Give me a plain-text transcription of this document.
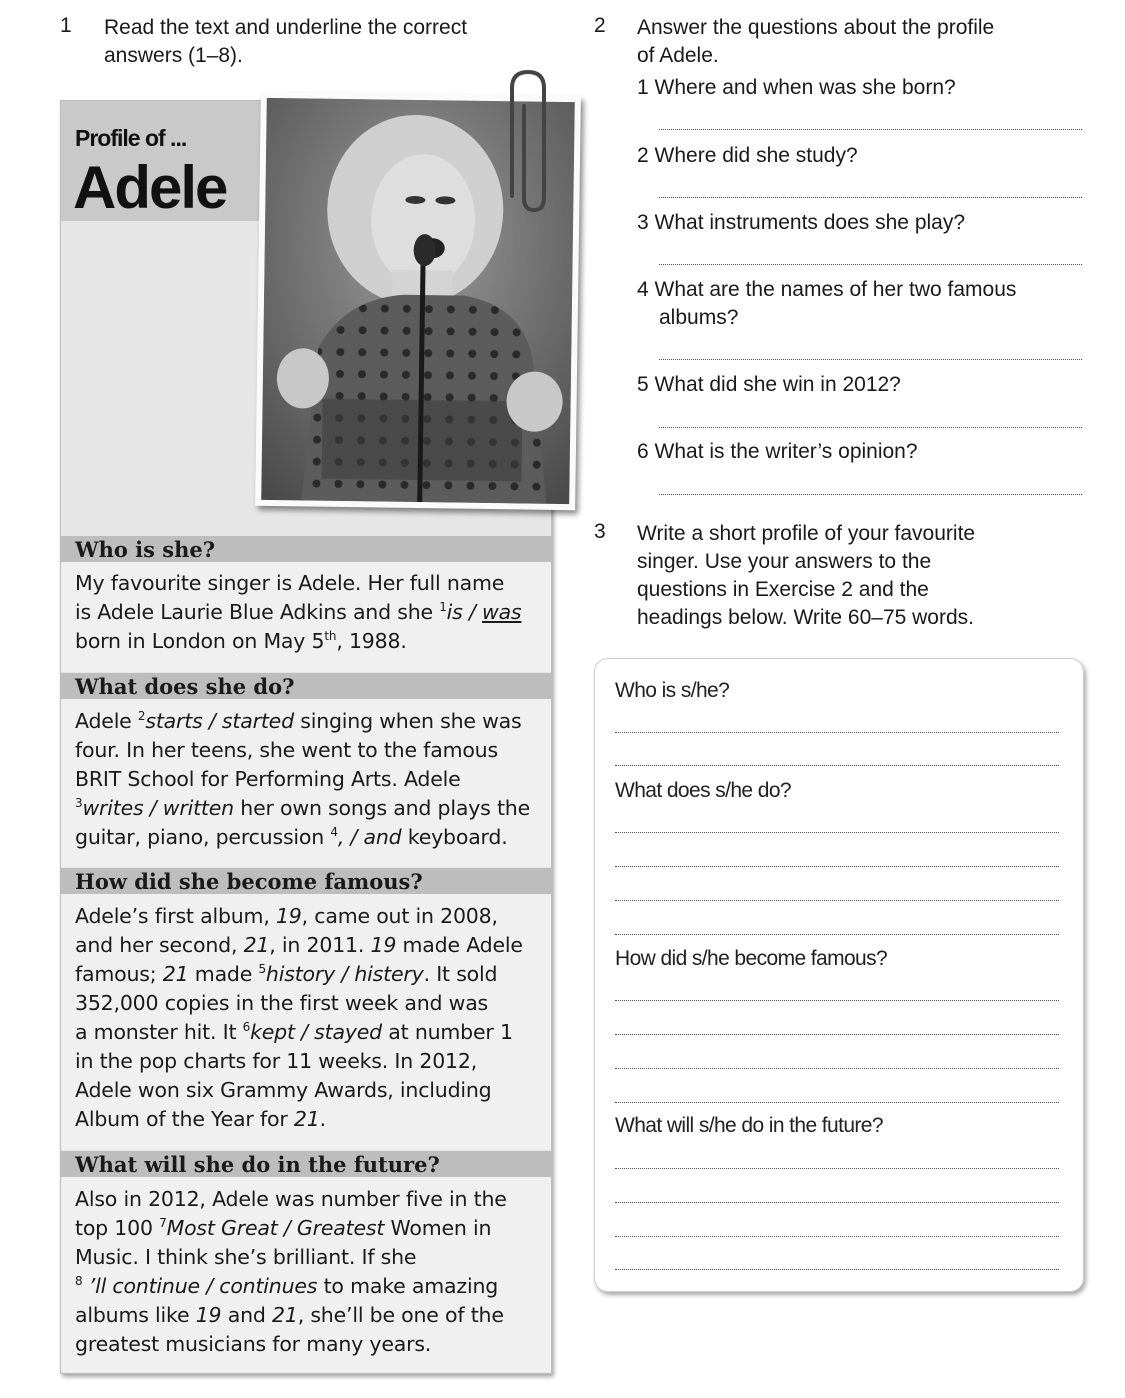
1 Read the text and underline the correct
answers (1–8).
2 Answer the questions about the profile
of Adele.
Profile of ...
Adele
Who is she?
My favourite singer is Adele. Her full name
is Adele Laurie Blue Adkins and she $^1$is / was
born in London on May 5th, 1988.
What does she do?
Adele $^2$starts / started singing when she was
four. In her teens, she went to the famous
BRIT School for Performing Arts. Adele
$^3$writes / written her own songs and plays the
guitar, piano, percussion $^4$, / and keyboard.
How did she become famous?
Adele’s first album, 19, came out in 2008,
and her second, 21, in 2011. 19 made Adele
famous; 21 made $^5$history / histery. It sold
352,000 copies in the first week and was
a monster hit. It $^6$kept / stayed at number 1
in the pop charts for 11 weeks. In 2012,
Adele won six Grammy Awards, including
Album of the Year for 21.
What will she do in the future?
Also in 2012, Adele was number five in the
top 100 $^7$Most Great / Greatest Women in
Music. I think she’s brilliant. If she
$^8$ ’ll continue / continues to make amazing
albums like 19 and 21, she’ll be one of the
greatest musicians for many years.
1 Where and when was she born?
2 Where did she study?
3 What instruments does she play?
4 What are the names of her two famous
albums?
5 What did she win in 2012?
6 What is the writer’s opinion?
3 Write a short profile of your favourite
singer. Use your answers to the
questions in Exercise 2 and the
headings below. Write 60–75 words.
Who is s/he?
What does s/he do?
How did s/he become famous?
What will s/he do in the future?
